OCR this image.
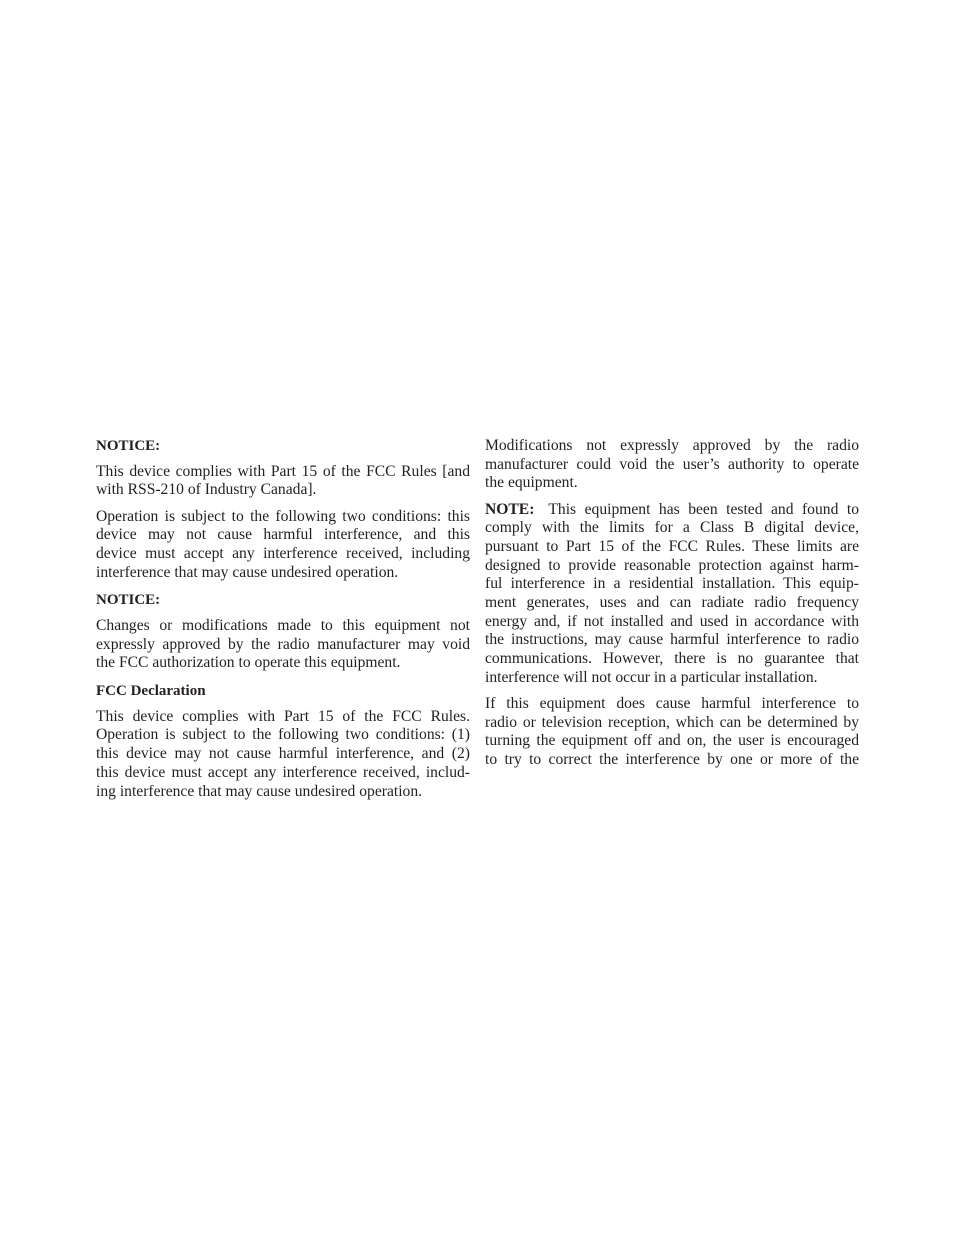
NOTICE:
This device complies with Part 15 of the FCC Rules [and
with RSS-210 of Industry Canada].
Operation is subject to the following two conditions: this
device may not cause harmful interference, and this
device must accept any interference received, including
interference that may cause undesired operation.
NOTICE:
Changes or modifications made to this equipment not
expressly approved by the radio manufacturer may void
the FCC authorization to operate this equipment.
FCC Declaration
This device complies with Part 15 of the FCC Rules.
Operation is subject to the following two conditions: (1)
this device may not cause harmful interference, and (2)
this device must accept any interference received, includ-
ing interference that may cause undesired operation.
Modifications not expressly approved by the radio
manufacturer could void the user’s authority to operate
the equipment.
NOTE: This equipment has been tested and found to
comply with the limits for a Class B digital device,
pursuant to Part 15 of the FCC Rules. These limits are
designed to provide reasonable protection against harm-
ful interference in a residential installation. This equip-
ment generates, uses and can radiate radio frequency
energy and, if not installed and used in accordance with
the instructions, may cause harmful interference to radio
communications. However, there is no guarantee that
interference will not occur in a particular installation.
If this equipment does cause harmful interference to
radio or television reception, which can be determined by
turning the equipment off and on, the user is encouraged
to try to correct the interference by one or more of the
